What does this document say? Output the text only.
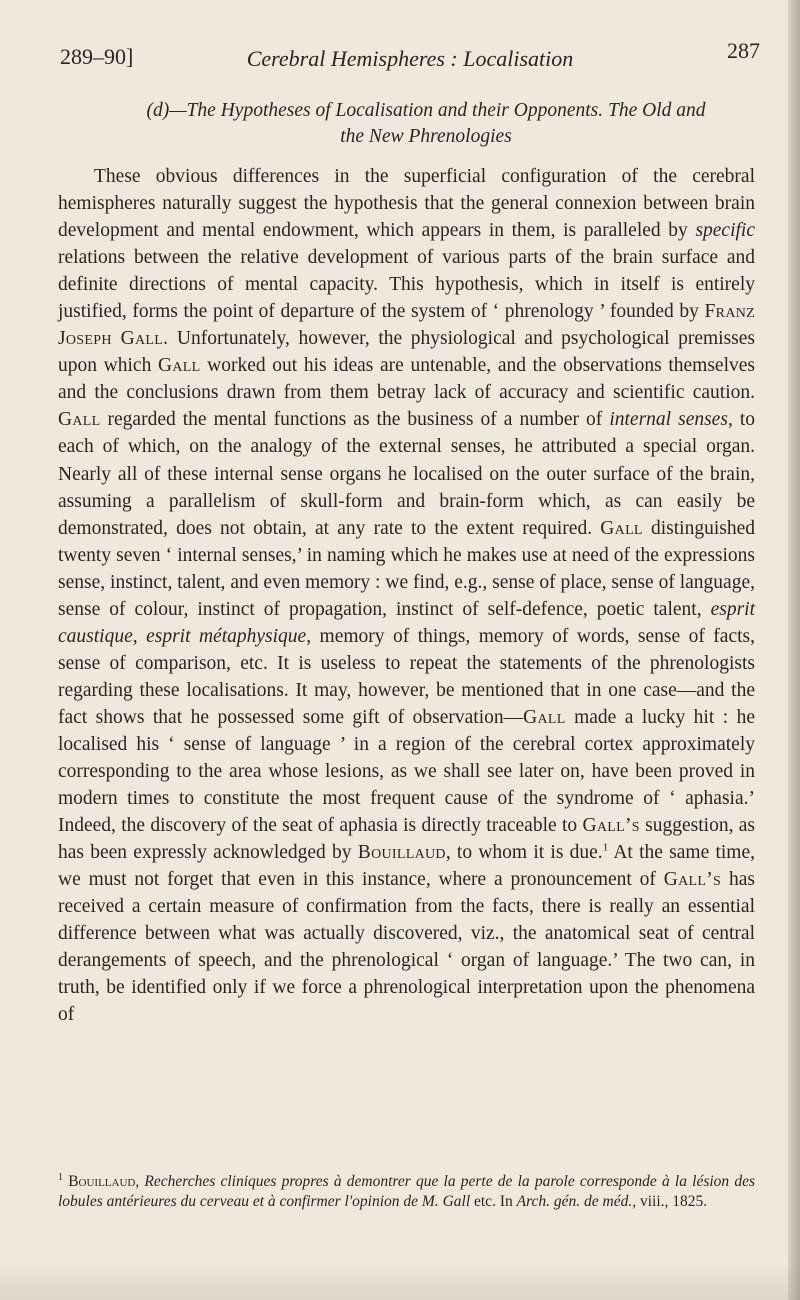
289–90]	Cerebral Hemispheres : Localisation	287
(d)—The Hypotheses of Localisation and their Opponents. The Old and
the New Phrenologies

These obvious differences in the superficial configuration of the cerebral hemispheres naturally suggest the hypothesis that the general connexion between brain development and mental endowment, which appears in them, is paralleled by specific relations between the relative development of various parts of the brain surface and definite directions of mental capacity. This hypothesis, which in itself is entirely justified, forms the point of departure of the system of ‘ phrenology ’ founded by Franz Joseph Gall. Unfortunately, however, the physiological and psychological premisses upon which Gall worked out his ideas are untenable, and the observations themselves and the conclusions drawn from them betray lack of accuracy and scientific caution. Gall regarded the mental functions as the business of a number of internal senses, to each of which, on the analogy of the external senses, he attributed a special organ. Nearly all of these internal sense organs he localised on the outer surface of the brain, assuming a parallelism of skull-form and brain-form which, as can easily be demonstrated, does not obtain, at any rate to the extent required. Gall distinguished twenty seven ‘ internal senses,’ in naming which he makes use at need of the expressions sense, instinct, talent, and even memory : we find, e.g., sense of place, sense of language, sense of colour, instinct of propagation, instinct of self-defence, poetic talent, esprit caustique, esprit métaphysique, memory of things, memory of words, sense of facts, sense of comparison, etc. It is useless to repeat the statements of the phrenologists regarding these localisations. It may, however, be mentioned that in one case—and the fact shows that he possessed some gift of observation—Gall made a lucky hit : he localised his ‘ sense of language ’ in a region of the cerebral cortex approximately corresponding to the area whose lesions, as we shall see later on, have been proved in modern times to constitute the most frequent cause of the syndrome of ‘ aphasia.’ Indeed, the discovery of the seat of aphasia is directly traceable to Gall’s suggestion, as has been expressly acknowledged by Bouillaud, to whom it is due.$^1$ At the same time, we must not forget that even in this instance, where a pronouncement of Gall’s has received a certain measure of confirmation from the facts, there is really an essential difference between what was actually discovered, viz., the anatomical seat of central derangements of speech, and the phrenological ‘ organ of language.’ The two can, in truth, be identified only if we force a phrenological interpretation upon the phenomena of

$^1$ Bouillaud, Recherches cliniques propres à demontrer que la perte de la parole corresponde à la lésion des lobules antérieures du cerveau et à confirmer l'opinion de M. Gall etc. In Arch. gén. de méd., viii., 1825.
